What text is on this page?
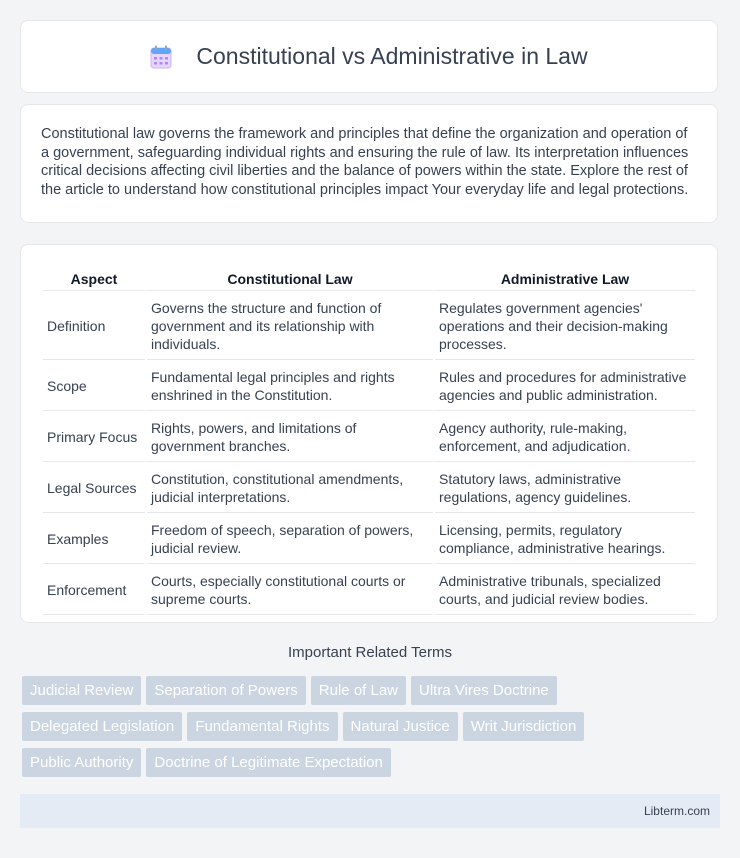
Constitutional vs Administrative in Law

Constitutional law governs the framework and principles that define the organization and operation of a government, safeguarding individual rights and ensuring the rule of law. Its interpretation influences critical decisions affecting civil liberties and the balance of powers within the state. Explore the rest of the article to understand how constitutional principles impact Your everyday life and legal protections.

Aspect	Constitutional Law	Administrative Law
Definition	Governs the structure and function of government and its relationship with individuals.	Regulates government agencies' operations and their decision-making processes.
Scope	Fundamental legal principles and rights enshrined in the Constitution.	Rules and procedures for administrative agencies and public administration.
Primary Focus	Rights, powers, and limitations of government branches.	Agency authority, rule-making, enforcement, and adjudication.
Legal Sources	Constitution, constitutional amendments, judicial interpretations.	Statutory laws, administrative regulations, agency guidelines.
Examples	Freedom of speech, separation of powers, judicial review.	Licensing, permits, regulatory compliance, administrative hearings.
Enforcement	Courts, especially constitutional courts or supreme courts.	Administrative tribunals, specialized courts, and judicial review bodies.
Important Related Terms
Judicial Review Separation of Powers Rule of Law Ultra Vires Doctrine
Delegated Legislation Fundamental Rights Natural Justice Writ Jurisdiction
Public Authority Doctrine of Legitimate Expectation
Libterm.com
